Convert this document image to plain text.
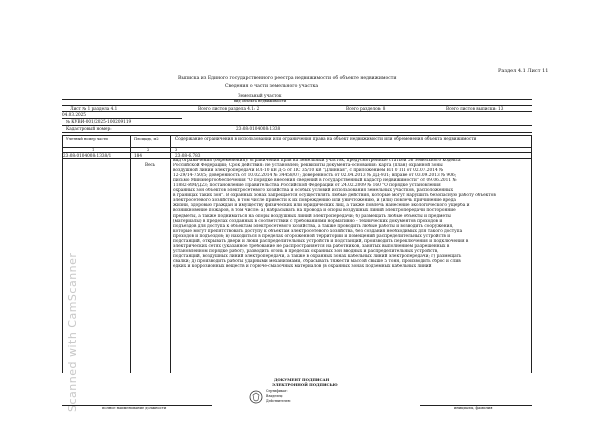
Scanned with CamScanner
Раздел 4.1 Лист 11
Выписка из Единого государственного реестра недвижимости об объекте недвижимости
Сведения о части земельного участка
Земельный участок
вид объекта недвижимости
Лист № 1 раздела 4.1	Всего листов раздела 4.1: 2	Всего разделов: 8	Всего листов выписки: 13
04.03.2025
№ КУВИ-001/2025-100209119
Кадастровый номер:	23:08:0104008:1338
Учетный номер части	Площадь, м2	Содержание ограничения в использовании или ограничения права на объект недвижимости или обременения объекта недвижимости
1	2	3
23:08:0104008:1338/1	184	23:08-6.783
Весь
вид ограничения (обременения): ограничения прав на земельный участок, предусмотренные статьей 56 Земельного кодекса
Российской Федерации; Срок действия: не установлен; реквизиты документа-основания: карта (план) охранной зоны
воздушной линии электропередачи ВЛ-10 кВ Д-5 от ПС 35/10 кВ "Длинная", с приложением ВЛ 0 ТП от 02.07.2014 №
12-29/14-750/5; доверенность от 10.02.2014 № 34458/07; доверенность от 02.04.2013 № ДД-931; вправе от 03.09.2013 № 906;
письмо Минэнергообеспечения "О порядке внесения сведений в государственный кадастр недвижимости" от 09.06.2011 №
11882-ИМ/Д23; постановление Правительства Российской Федерации от 24.02.2009 № 160 "О порядке установления
охранных зон объектов электросетевого хозяйства и особых условий использования земельных участков, расположенных
в границах таких зон". В охранных зонах запрещается осуществлять любые действия, которые могут нарушить безопасную работу объектов
электросетевого хозяйства, в том числе привести к их повреждению или уничтожению, и (или) повлечь причинение вреда
жизни, здоровью граждан и имуществу физических или юридических лиц, а также повлечь нанесение экологического ущерба и
возникновение пожаров, в том числе: а) набрасывать на провода и опоры воздушных линий электропередачи посторонние
предметы, а также подниматься на опоры воздушных линий электропередачи; б) размещать любые объекты и предметы
(материалы) в пределах созданных в соответствии с требованиями нормативно - технических документов проходов и
подъездов для доступа к объектам электросетевого хозяйства, а также проводить любые работы и возводить сооружения,
которые могут препятствовать доступу к объектам электросетевого хозяйства, без создания необходимых для такого доступа
проходов и подъездов; в) находиться в пределах огороженной территории и помещений распределительных устройств и
подстанций, открывать двери и люки распределительных устройств и подстанций, производить переключения и подключения в
электрических сетях (указанное требование не распространяется на работников, занятых выполнением разрешенных в
установленном порядке работ), разводить огонь в пределах охранных зон вводных и распределительных устройств,
подстанций, воздушных линий электропередачи, а также в охранных зонах кабельных линий электропередачи; г) размещать
свалки; д) производить работы ударными механизмами, сбрасывать тяжести массой свыше 5 тонн, производить сброс и слив
едких и коррозионных веществ и горюче-смазочных материалов (в охранных зонах подземных кабельных линий
ДОКУМЕНТ ПОДПИСАН
ЭЛЕКТРОННОЙ ПОДПИСЬЮ
Сертификат:
Владелец:
Действителен:
полное наименование должности	инициалы, фамилия
